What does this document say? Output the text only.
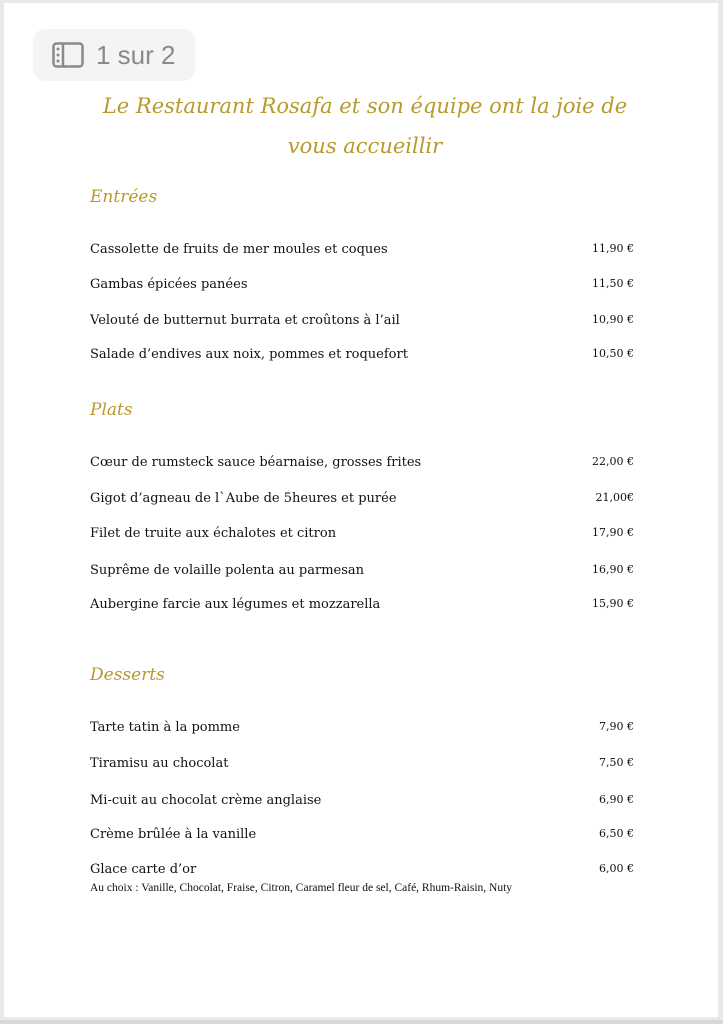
1 sur 2
Le Restaurant Rosafa et son équipe ont la joie de vous accueillir
Entrées
Cassolette de fruits de mer moules et coques	11,90 €
Gambas épicées panées	11,50 €
Velouté de butternut burrata et croûtons à l’ail	10,90 €
Salade d’endives aux noix, pommes et roquefort	10,50 €
Plats
Cœur de rumsteck sauce béarnaise, grosses frites	22,00 €
Gigot d’agneau de l`Aube de 5heures et purée	21,00€
Filet de truite aux échalotes et citron	17,90 €
Suprême de volaille polenta au parmesan	16,90 €
Aubergine farcie aux légumes et mozzarella	15,90 €
Desserts
Tarte tatin à la pomme	7,90 €
Tiramisu au chocolat	7,50 €
Mi-cuit au chocolat crème anglaise	6,90 €
Crème brûlée à la vanille	6,50 €
Glace carte d’or	6,00 €
Au choix : Vanille, Chocolat, Fraise, Citron, Caramel fleur de sel, Café, Rhum-Raisin, Nuty
